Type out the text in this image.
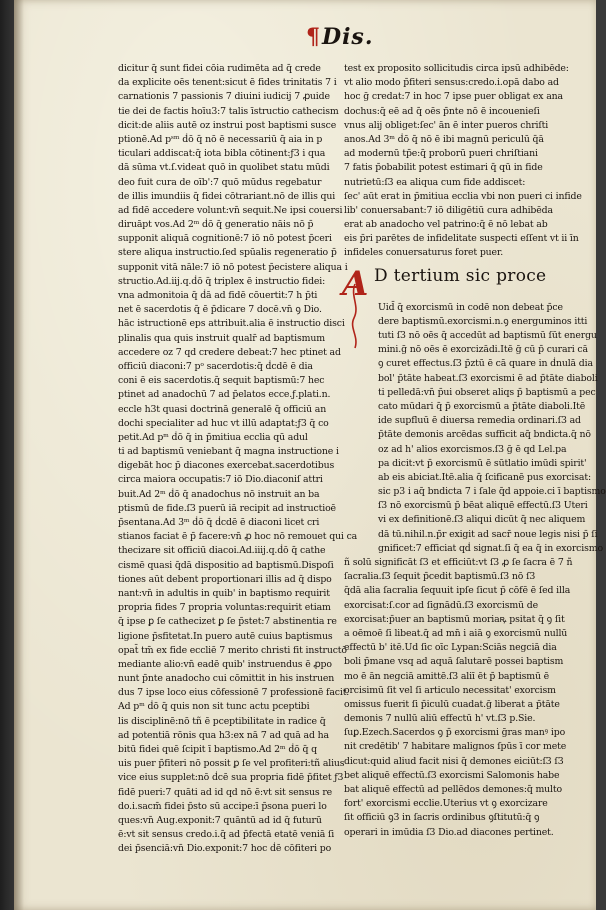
¶ Dis.
dicitur q̄ sunt fidei cōia rudimēta ad q̄ crede
da explicite oēs tenent:sicut ē fides trinitatis 7 i
carnationis 7 passionis 7 diuini iudicij 7 ꝓuide
tie dei de factis hoīu3:7 talis īstructio cathecism
dicit:de aliis autē oz instrui post baptismi susce
ptionē.Ad pˢᵐ ḋō q̄ nō ē necessariū q̄ aia in p
ticulari addiscat:q̄ iota bibla cōtinent:ƒ3 i qua
dā sūma vt.ſ.videat quō in quolibet statu mūdi
deo fuit cura de oīb':7 quō mūdus regebatur
de illis imundiis q̄ fidei cōtrariant.nō de illis qui
ad fidē accedere volunt:vn̄ sequit.Ne ipsi couersi
diruāpt vos.Ad 2ᵐ ḋō q̄ generatio nāis nō p̄
supponit aliquā cognitionē:7 iō nō potest p̄ceri
stere aliqua instructio.ſed spūalis regeneratio p̄
supponit vitā nāle:7 iō nō potest p̄ecistere aliqua i
structio.Ad.iij.q.ḋō q̄ triplex ē instructio fidei:
vna admonitoia q̄ ḋā ad fidē cōuertit:7 h p̄ti
net ē sacerdotis q̄ ē p̄dicare 7 docē.vn̄ ꝯ Dio.
hāc istructionē eps attribuit.alia ē instructio disci
plinalis qua quis instruit qualr̄ ad baptismum
accedere oz 7 qd credere debeat:7 hec ptinet ad
officiū diaconi:7 pᵒ sacerdotis:q̄ ḋcdē ē dia
coni ē eis sacerdotis.q̄ sequit baptismū:7 hec
ptinet ad anadochū 7 ad p̄elatos ecce.ƒ.plati.n.
eccle h3t quasi doctrinā generalē q̄ officiū an
dochi specialiter ad huc vt illū adaptat:ƒ3 q̄ co
petit.Ad pᵐ ḋō q̄ in p̄mitiua ecclia qū adul
ti ad baptismū veniebant q̄ magna instructione i
digebāt hoc p̄ diacones exercebat.sacerdotibus
circa maiora occupatis:7 iō Dio.diaconiſ attri
buit.Ad 2ᵐ ḋō q̄ anadochus nō instruit an ba
ptismū de fide.ſ3 puerū iā recipit ad instructioē
p̄sentana.Ad 3ᵐ ḋō q̄ ḋcdē ē diaconi licet cri
stianos faciat ē p̄ facere:vn̄ ꝓ hoc nō remouet qui ca
thecizare sit officiū diacoi.Ad.iiij.q.ḋō q̄ cathe
cismē quasi q̄dā dispositio ad baptismū.Dispoſi
tiones aūt debent proportionari illis ad q̄ dispo
nant:vn̄ in adultis in quib' in baptismo requirit
propria fides 7 propria voluntas:requirit etiam
q̄ ipse ꝑ ſe cathecizet ꝑ ſe p̄stet:7 abstinentia re
ligione p̄sfitetat.In puero autē cuius baptismus
opat̄ tm̄ ex fide eccliē 7 merito christi fit instructō
mediante alio:vn̄ eadē quib' instruendus ē ꝓpo
nunt p̄nte anadocho cui cōmittit in his instruen
dus 7 ipse loco eius cōfessionē 7 professionē facit.
Ad pᵐ ḋō q̄ quis non sit tunc actu pceptibi
lis disciplinē:nō tñ ē pceptibilitate in radice q̄
ad potentiā rōnis qua h3:ex nā 7 ad quā ad ha
bitū fidei quē ſcipit ī baptismo.Ad 2ᵐ ḋō q̄ q
uis puer p̄fiteri nō possit ꝑ ſe vel profiteri:tñ alius
vice eius supplet:nō ḋcē sua propria fidē p̄fitet ƒ3
fidē pueri:7 quāti ad id qd nō ē:vt sit sensus re
do.i.sacm̄ fidei p̄sto sū accipe:ī p̄sona pueri lo
ques:vn̄ Aug.exponit:7 quāntū ad id q̄ futurū
ē:vt sit sensus credo.i.q̄ ad p̄fectā etatē veniā ſi
dei p̄senciā:vn̄ Dio.exponit:7 hoc ḋē cōfiteri po
test ex proposito sollicitudis circa ipsū adhibēde:
vt alio modo p̄fiteri sensus:credo.i.opā dabo ad
hoc ḡ credat:7 in hoc 7 ipse puer obligat ex ana
dochus:q̄ eē ad q̄ oēs p̄nte nō ē incouenieſi
vnus alij obliget:ſec' ān ē inter pueros chriſti
anos.Ad 3ᵐ ḋō q̄ nō ē ibi magnū periculū q̄ā
ad modernū tp̄e:q̄ proborū pueri chriſtiani
7 fatis p̄obabilit potest estimari q̄ qū in fide
nutrietū:ſ3 ea aliqua cum fide addiscet:
ſec' aūt erat in p̄mitiua ecclia vbi non pueri ci infide
lib' conuersabant:7 iō diligētiū cura adhibēda
erat ab anadocho vel patrino:q̄ ē nō lebat ab
eis p̄ri parētes de infidelitate suspecti eſſent vt ii īn
infideles conuersaturus foret puer.
A D tertium sic proce
Uid̄ q̄ exorcismū in codē non debeat p̄ce
dere baptismū.exorcismi.n.ꝯ energuminos itti
tuti ſ3 nō oēs q̄ accedūt ad baptismū ſūt energu
mini.ḡ nō oēs ē exorcizādi.Itē ḡ cū p̄ curari cā
ꝯ curet effectus.ſ3 p̄ztū ē cā quare in ḋnulā dia
bol' p̄tāte habeat.ſ3 exorcismi ē ad p̄tāte diaboli
ti pelledā:vn̄ p̄ui obseret aliqs p̄ baptismū a pec
cato mūdari q̄ p̄ exorcismū a p̄tāte diaboli.Itē
ide supfluū ē diuersa remedia ordinari.ſ3 ad
p̄tāte demonis arcēdas sufficit aq̄ bndicta.q̄ nō
oz ad h' alios exorcismos.ſ3 ḡ ē qd Lel.pa
pa dicit:vt p̄ exorcismū ē sūtlatio imūdi spirit'
ab eis abiciat.Itē.alia q̄ ſcificanē pus exorcisat:
sic p3 i aq̄ bndicta 7 i ſale q̄d appoie.ci ī baptismo
ſ3 nō exorcismū p̄ bēat aliquē effectū.ſ3 Uteri
vi ex definitionē.ſ3 aliqui dicūt q̄ nec aliquem
dā tū.nihil.n.p̄r exigit ad sacr̄ noue legis nisi p̄ ſi
gnificet:7 efficiat qḋ signat.ſi q̄ ea q̄ in exorcismo
ñ solū significāt ſ3 et efficiūt:vt ſ3 ꝓ ſe ſacra ē 7 ñ
ſacralia.ſ3 ſequit p̄cedit baptismū.ſ3 nō ſ3
q̄dā alia ſacralia ſequuit ipſe ſicut p̄ cōfē ē ſed illa
exorcisat:ſ.cor ad ſignādū.ſ3 exorcismū de
exorcisat:p̄uer an baptismū moriaꝶ psitat q̄ ꝯ ſit
a oēmoē ſi libeat.q̄ ad mn̄ i aiā ꝯ exorcismū nullū
effectū b' itē.Ud ſic oīc Lypan:Sciās negciā dia
boli p̄mane vsq ad aquā ſalutarē possei baptism
mo ē ān negciā amittē.ſ3 aliī ēt p̄ baptismū ē
orcisimū ſit vel ſi articulo necessitat' exorcism
omissus fuerit ſi p̄iculū cuadat.ḡ liberat a p̄tāte
demonis 7 nullū aliū effectū h' vt.ſ3 p.Sie.
ſuꝑ.Ezech.Sacerdos ꝯ p̄ exorcismi ḡras manꝰ ipo
nit credētib' 7 habitare malignos ſpūs ī cor mete
dicut:quid aliud facit nisi q̄ demones eiciūt:ſ3 ſ3
bet aliquē effectū.ſ3 exorcismi Salomonis habe
bat aliquē effectū ad pellēdos demones:q̄ multo
fort' exorcismi ecclie.Uterius vt ꝯ exorcizare
ſit officiū ꝯ3 in ſacris ordinibus ꝯſtitutū:q̄ ꝯ
operari in imūdia ſ3 Dio.ad diacones pertinet.
